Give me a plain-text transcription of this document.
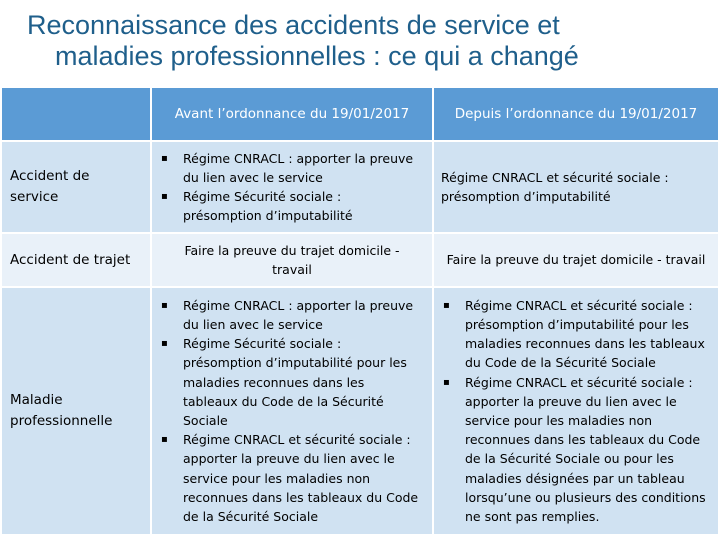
Reconnaissance des accidents de service et
maladies professionnelles : ce qui a changé
Avant l’ordonnance du 19/01/2017	Depuis l’ordonnance du 19/01/2017
Accident de
service
▪ Régime CNRACL : apporter la preuve
du lien avec le service
▪ Régime Sécurité sociale :
présomption d’imputabilité
Régime CNRACL et sécurité sociale :
présomption d’imputabilité
Accident de trajet
Faire la preuve du trajet domicile -
travail
Faire la preuve du trajet domicile - travail
Maladie
professionnelle
▪ Régime CNRACL : apporter la preuve
du lien avec le service
▪ Régime Sécurité sociale :
présomption d’imputabilité pour les
maladies reconnues dans les
tableaux du Code de la Sécurité
Sociale
▪ Régime CNRACL et sécurité sociale :
apporter la preuve du lien avec le
service pour les maladies non
reconnues dans les tableaux du Code
de la Sécurité Sociale
▪ Régime CNRACL et sécurité sociale :
présomption d’imputabilité pour les
maladies reconnues dans les tableaux
du Code de la Sécurité Sociale
▪ Régime CNRACL et sécurité sociale :
apporter la preuve du lien avec le
service pour les maladies non
reconnues dans les tableaux du Code
de la Sécurité Sociale ou pour les
maladies désignées par un tableau
lorsqu’une ou plusieurs des conditions
ne sont pas remplies.
